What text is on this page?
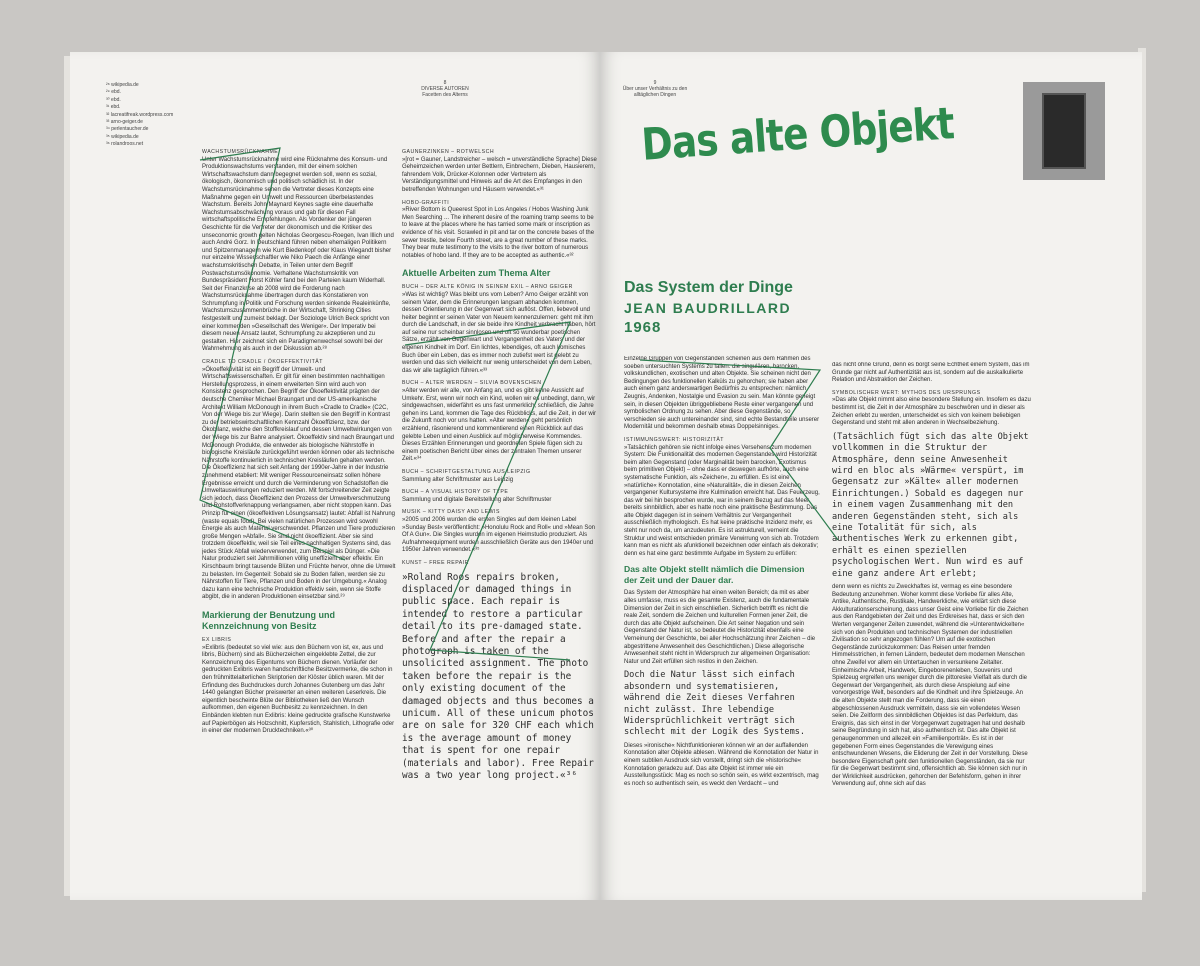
²⁸ wikipedia.de
²⁹ ebd.
³⁰ ebd.
³¹ ebd.
³² lacreatifreak.wordpress.com
³³ arno-geiger.de
³⁴ perlentaucher.de
³⁵ wikipedia.de
³⁶ rolandroos.net
8
DIVERSE AUTOREN
Facetten des Alterns
WACHSTUMSRÜCKNAHME
Unter Wachstumsrücknahme wird eine Rücknahme des Konsum- und Produktionswachstums verstanden, mit der einem solchen Wirtschaftswachstum dann begegnet werden soll, wenn es sozial, ökologisch, ökonomisch und politisch schädlich ist. In der Wachstumsrücknahme sehen die Vertreter dieses Konzepts eine Maßnahme gegen ein Umwelt und Ressourcen überbelastendes Wachstum. Bereits John Maynard Keynes sagte eine dauerhafte Wachstumsabschwächung voraus und gab für diesen Fall wirtschaftspolitische Empfehlungen. Als Vordenker der jüngeren Geschichte für die Vertreter der ökonomisch und die Kritiker des unseconomic growth gelten Nicholas Georgescu-Roegen, Ivan Illich und auch André Gorz. In Deutschland führen neben ehemaligen Politikern und Spitzenmanagern wie Kurt Biedenkopf oder Klaus Wiegandt bisher nur einzelne Wissenschaftler wie Niko Paech die Anfänge einer wachstumskritischen Debatte, in Teilen unter dem Begriff Postwachstumsökonomie. Verhaltene Wachstumskritik von Bundespräsident Horst Köhler fand bei den Parteien kaum Widerhall. Seit der Finanzkrise ab 2008 wird die Forderung nach Wachstumsrücknahme übertragen durch das Konstatieren von Schrumpfung in Politik und Forschung werden sinkende Realeinkünfte, Wachstumszusammenbrüche in der Wirtschaft, Shrinking Cities festgestellt und zumeist beklagt. Der Soziologe Ulrich Beck spricht von einer kommenden »Gesellschaft des Weniger«. Der Imperativ bei diesem neuen Ansatz lautet, Schrumpfung zu akzeptieren und zu gestalten. Hier zeichnet sich ein Paradigmenwechsel sowohl bei der Wahrnehmung als auch in der Diskussion ab.²⁸
CRADLE TO CRADLE / ÖKOEFFEKTIVITÄT
»Ökoeffektivität ist ein Begriff der Umwelt- und Wirtschaftswissenschaften. Er gilt für einen bestimmten nachhaltigen Herstellungsprozess, in einem erweiterten Sinn wird auch von Konsistenz gesprochen. Den Begriff der Ökoeffektivität prägten der deutsche Chemiker Michael Braungart und der US-amerikanische Architekt William McDonough in ihrem Buch »Cradle to Cradle« (C2C, Von der Wiege bis zur Wiege). Darin stellten sie den Begriff in Kontrast zu der betriebswirtschaftlichen Kennzahl Ökoeffizienz, bzw. der Ökobilanz, welche den Stoffkreislauf und dessen Umweltwirkungen von der Wiege bis zur Bahre analysiert. Ökoeffektiv sind nach Braungart und McDonough Produkte, die entweder als biologische Nährstoffe in biologische Kreisläufe zurückgeführt werden können oder als technische Nährstoffe kontinuierlich in technischen Kreisläufen gehalten werden. Die Ökoeffizienz hat sich seit Anfang der 1990er-Jahre in der Industrie zunehmend etabliert: Mit weniger Ressourceneinsatz sollen höhere Ergebnisse erreicht und durch die Verminderung von Schadstoffen die Umweltauswirkungen reduziert werden. Mit fortschreitender Zeit zeigte sich jedoch, dass Ökoeffizienz den Prozess der Umweltverschmutzung und Rohstoffverknappung verlangsamen, aber nicht stoppen kann. Das Prinzip für einen (ökoeffektiven Lösungsansatz) lautet: Abfall ist Nahrung (waste equals food). Bei vielen natürlichen Prozessen wird sowohl Energie als auch Material verschwendet. Pflanzen und Tiere produzieren große Mengen »Abfall«. Sie sind nicht ökoeffizient. Aber sie sind trotzdem ökoeffektiv, weil sie Teil eines nachhaltigen Systems sind, das jedes Stück Abfall wiederverwendet, zum Beispiel als Dünger. »Die Natur produziert seit Jahrmillionen völlig uneffizient aber effektiv. Ein Kirschbaum bringt tausende Blüten und Früchte hervor, ohne die Umwelt zu belasten. Im Gegenteil: Sobald sie zu Boden fallen, werden sie zu Nährstoffen für Tiere, Pflanzen und Boden in der Umgebung.« Analog dazu kann eine technische Produktion effektiv sein, wenn sie Stoffe abgibt, die in anderen Produktionen einsetzbar sind.²⁹
Markierung der Benutzung und Kennzeichnung von Besitz
EX LIBRIS
»Exlibris (bedeutet so viel wie: aus den Büchern von ist, ex, aus und libris, Büchern) sind als Bücherzeichen eingeklebte Zettel, die zur Kennzeichnung des Eigentums von Büchern dienen. Vorläufer der gedruckten Exlibris waren handschriftliche Besitzvermerke, die schon in den frühmittelalterlichen Skriptorien der Klöster üblich waren. Mit der Erfindung des Buchdruckes durch Johannes Gutenberg um das Jahr 1440 gelangten Bücher preiswerter an einen weiteren Leserkreis. Die eigentlich bescheinte Blüte der Bibliotheken ließ den Wunsch aufkommen, den eigenen Buchbesitz zu kennzeichnen. In den Einbänden klebten nun Exlibris: kleine gedruckte grafische Kunstwerke auf Papierbögen als Holzschnitt, Kupferstich, Stahlstich, Lithografie oder in einer der modernen Drucktechniken.«³⁰
GAUNERZINKEN – ROTWELSCH
»[rot = Gauner, Landstreicher – welsch = unverständliche Sprache] Diese Geheimzeichen werden unter Bettlern, Einbrechern, Dieben, Hausierern, fahrendem Volk, Drücker-Kolonnen oder Vertretern als Verständigungsmittel und Hinweis auf die Art des Empfanges in den betreffenden Wohnungen und Häusern verwendet.«³¹
HOBO-GRAFFITI
»River Bottom is Queerest Spot in Los Angeles / Hobos Washing Junk Men Searching ... The inherent desire of the roaming tramp seems to be to leave at the places where he has tarried some mark or inscription as evidence of his visit. Scrawled in pit and tar on the concrete bases of the sewer trestle, below Fourth street, are a great number of these marks. They bear mute testimony to the visits to the river bottom of numerous notables of hobo land. If they are to be accepted as authentic.«³²
Aktuelle Arbeiten zum Thema Alter
BUCH – DER ALTE KÖNIG IN SEINEM EXIL – ARNO GEIGER
»Was ist wichtig? Was bleibt uns vom Leben? Arno Geiger erzählt von seinem Vater, dem die Erinnerungen langsam abhanden kommen, dessen Orientierung in der Gegenwart sich auflöst. Offen, liebevoll und heiter beginnt er seinen Vater von Neuem kennenzulernen: geht mit ihm durch die Landschaft, in der sie beide ihre Kindheit verbracht haben, hört auf seine nur scheinbar sinnlosen und oft so wunderbar poetischen Sätze, erzählt von Gegenwart und Vergangenheit des Vaters und der eigenen Kindheit im Dorf. Ein lichtes, lebendiges, oft auch komisches Buch über ein Leben, das es immer noch zutiefst wert ist gelebt zu werden und das sich vielleicht nur wenig unterscheidet von dem Leben, das wir alle tagtäglich führen.«³³
BUCH – ALTER WERDEN – SILVIA BOVENSCHEN
»Alter werden wir alle, von Anfang an, und es gibt keine Aussicht auf Umkehr. Erst, wenn wir noch ein Kind, wollen wir es unbedingt, dann, wir sindgewachsen, widerfährt es uns fast unmerklich, schließlich, die Jahre gehen ins Land, kommen die Tage des Rückblicks, auf die Zeit, in der wir die Zukunft noch vor uns hatten. »Alter werden« geht persönlich erzählend, räsonierend und kommentierend einen Rückblick auf das gelebte Leben und einen Ausblick auf möglicherweise Kommendes. Dieses Erzählen Erinnerungen und geordneten Spiele fügen sich zu einem poetischen Bericht über eines der zentralen Themen unserer Zeit.«³⁴
BUCH – SCHRIFTGESTALTUNG AUS LEIPZIG
Sammlung alter Schriftmuster aus Leipzig
BUCH – A VISUAL HISTORY OF TYPE
Sammlung und digitale Bereitstellung alter Schriftmuster
MUSIK – KITTY DAISY AND LEWIS
»2005 und 2006 wurden die ersten Singles auf dem kleinen Label »Sunday Best« veröffentlicht: »Honolulu Rock and Roll« und »Mean Son Of A Gun«. Die Singles wurden im eigenen Heimstudio produziert. Als Aufnahmeequipment wurden ausschließlich Geräte aus den 1940er und 1950er Jahren verwendet.«³⁵
KUNST – FREE REPAIR
»Roland Roos repairs broken, displaced or damaged things in public space. Each repair is intended to restore a particular detail to its pre-damaged state. Before and after the repair a photograph is taken of the unsolicited assignment. The photo taken before the repair is the only existing document of the damaged objects and thus becomes a unicum. All of these unicum photos are on sale for 320 CHF each which is the average amount of money that is spent for one repair (materials and labor). Free Repair was a two year long project.«³⁶
9
Über unser Verhältnis zu den
alltäglichen Dingen
Das alte Objekt
Das System der Dinge
JEAN BAUDRILLARD
1968
Einzelne Gruppen von Gegenständen scheinen aus dem Rahmen des soeben untersuchten Systems zu fallen: die singulären, barocken, volkskundlichen, exotischen und alten Objekte. Sie scheinen nicht den Bedingungen des funktionellen Kalküls zu gehorchen; sie haben aber auch einem ganz anderswartigen Bedürfnis zu entsprechen: nämlich Zeugnis, Andenken, Nostalgie und Evasion zu sein. Man könnte geneigt sein, in diesen Objekten übriggebliebene Reste einer vergangenen und symbolischen Ordnung zu sehen. Aber diese Gegenstände, so verschieden sie auch untereinander sind, sind echte Bestandteile unserer Modernität und bekommen deshalb etwas Doppelsinniges.
ISTIMMUNGSWERT: HISTORIZITÄT
»Tatsächlich gehören sie nicht infolge eines Versehens zum modernen System: Die Funktionalität des modernen Gegenstandes wird Historizität beim alten Gegenstand (oder Marginalität beim barocken, Exotismus beim primitiven Objekt) – ohne dass er deswegen aufhörte, auch eine systematische Funktion, als »Zeichen«, zu erfüllen. Es ist eine »natürliche« Konnotation, eine »Naturalität«, die in diesen Zeichen vergangener Kultursysteme ihre Kulmination erreicht hat. Das Feuerzeug, das wir bei hin besprochen wurde, war in seinem Bezug auf das Meer bereits sinnbildlich, aber es hatte noch eine praktische Bestimmung. Das alte Objekt dagegen ist in seinem Verhältnis zur Vergangenheit ausschließlich mythologisch. Es hat keine praktische Inzidenz mehr, es steht nur noch da, um anzudeuten. Es ist astrukturell, verneint die Struktur und weist entschieden primäre Verwirrung von sich ab. Trotzdem kann man es nicht als afunktionell bezeichnen oder einfach als dekorativ; denn es hat eine ganz bestimmte Aufgabe im System zu erfüllen:
Das alte Objekt stellt nämlich die Dimension der Zeit und der Dauer dar.
Das System der Atmosphäre hat einen weiten Bereich; da mit es aber alles umfasse, muss es die gesamte Existenz, auch die fundamentale Dimension der Zeit in sich einschließen. Sicherlich betrifft es nicht die reale Zeit, sondern die Zeichen und kulturellen Formen jener Zeit, die durch das alte Objekt aufscheinen. Die Art seiner Negation und sein Gegenstand der Natur ist, so bedeutet die Historizität ebenfalls eine Verneinung der Geschichte, bei aller Hochschätzung ihrer Zeichen – die abgestrittene Anwesenheit des Geschichtlichen.) Diese allegorische Anwesenheit steht nicht in Widerspruch zur allgemeinen Organisation: Natur und Zeit erfüllen sich restlos in den Zeichen.
Doch die Natur lässt sich einfach absondern und systematisieren, während die Zeit dieses Verfahren nicht zulässt. Ihre lebendige Widersprüchlichkeit verträgt sich schlecht mit der Logik des Systems.
Dieses »ironische« Nichtfunktionieren können wir an der auffallenden Konnotation alter Objekte ablesen. Während die Konnotation der Natur in einem subtilen Ausdruck sich vorstellt, dringt sich die »historische« Konnotation geradezu auf. Das alte Objekt ist immer wie ein Ausstellungsstück: Mag es noch so schön sein, es wirkt exzentrisch, mag es noch so authentisch sein, es weckt den Verdacht – und
das nicht ohne Grund, denn es borgt seine Echtheit einem System, das im Grunde gar nicht auf Authentizität aus ist, sondern auf die auskalkulierte Relation und Abstraktion der Zeichen.
SYMBOLISCHER WERT: MYTHOS DES URSPRUNGS
»Das alte Objekt nimmt also eine besondere Stellung ein. Insofern es dazu bestimmt ist, die Zeit in der Atmosphäre zu beschwören und in dieser als Zeichen erlebt zu werden, unterscheidet es sich von keinem beliebigen Gegenstand und steht mit allen anderen in Wechselbeziehung.
(Tatsächlich fügt sich das alte Objekt vollkommen in die Struktur der Atmosphäre, denn seine Anwesenheit wird en bloc als »Wärme« verspürt, im Gegensatz zur »Kälte« aller modernen Einrichtungen.) Sobald es dagegen nur in einem vagen Zusammenhang mit den anderen Gegenständen steht, sich als eine Totalität für sich, als authentisches Werk zu erkennen gibt, erhält es einen speziellen psychologischen Wert. Nun wird es auf eine ganz andere Art erlebt;
denn wenn es nichts zu Zweckhaftes ist, vermag es eine besondere Bedeutung anzunehmen. Woher kommt diese Vorliebe für alles Alte, Antike, Authentische, Rustikale, Handwerkliche, wie erklärt sich diese Akkulturationserscheinung, dass unser Geist eine Vorliebe für die Zeichen aus den Randgebieten der Zeit und des Erdkreises hat, dass er sich den Werten vergangener Zeiten zuwendet, während die »Unterentwickelten« sich von den Produkten und technischen Systemen der industriellen Zivilisation so sehr angezogen fühlen? Um auf die exotischen Gegenstände zurückzukommen: Das Reisen unter fremden Himmelsstrichen, in fernen Ländern, bedeutet dem modernen Menschen ohne Zweifel vor allem ein Untertauchen in versunkene Zeitalter. Einheimische Arbeit, Handwerk, Eingeborenenleben, Souvenirs und Spielzeug ergreifen uns weniger durch die pittoreske Vielfalt als durch die Gegenwart der Vergangenheit, als durch diese Anspielung auf eine vorvorgestrige Welt, besonders auf die Kindheit und ihre Spielzeuge. An die alten Objekte stellt man die Forderung, dass sie einen abgeschlossenen Ausdruck vermitteln, dass sie ein vollendetes Wesen seien. Die Zeitform des sinnbildlichen Objektes ist das Perfektum, das Ereignis, das sich einst in der Vorgegenwart zugetragen hat und deshalb seine Begründung in sich hat, also authentisch ist. Das alte Objekt ist genaugenommen und allezeit ein »Familienporträt«. Es ist in der gegebenen Form eines Gegenstandes die Verewigung eines entschwundenen Wesens, die Eliderung der Zeit in der Vorstellung. Diese besondere Eigenschaft geht den funktionellen Gegenständen, da sie nur für die Gegenwart bestimmt sind, offensichtlich ab. Sie können sich nur in der Wirklichkeit ausdrücken, gehorchen der Befehlsform, gehen in ihrer Verwendung auf, ohne sich auf das
